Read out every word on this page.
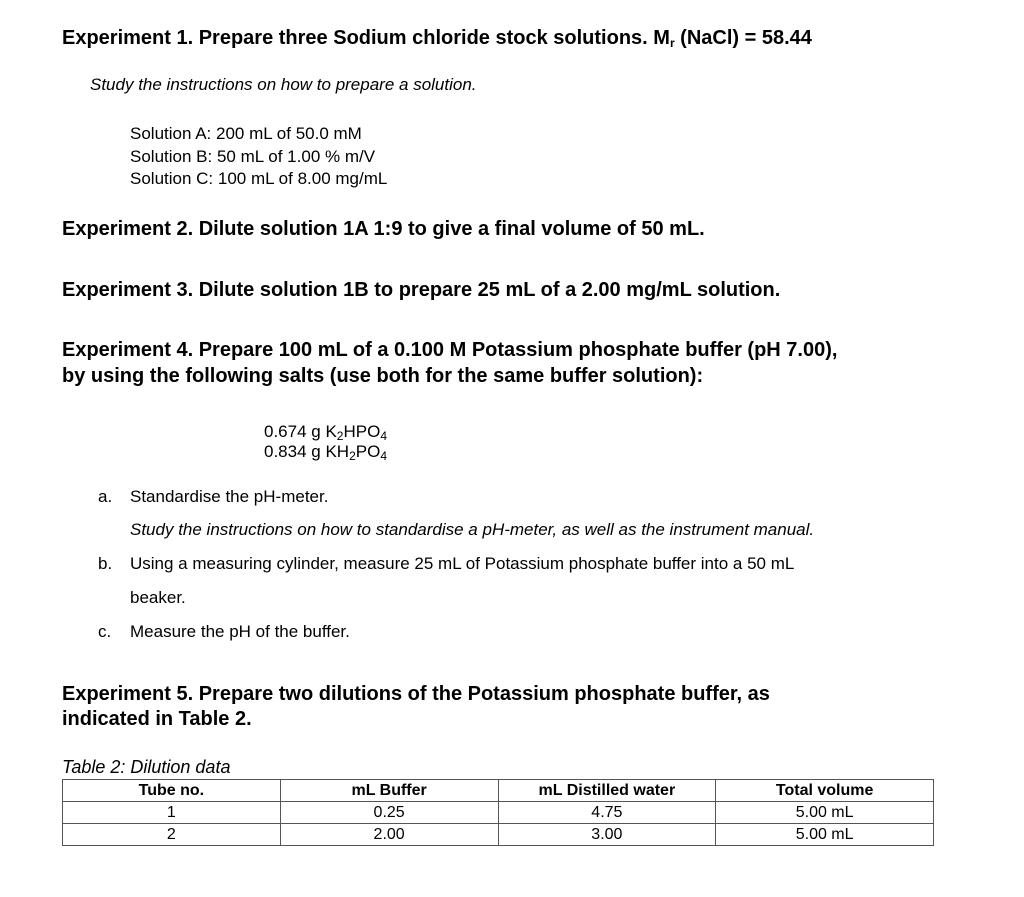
Experiment 1. Prepare three Sodium chloride stock solutions. $M_r$ (NaCl) = 58.44
Study the instructions on how to prepare a solution.
Solution A: 200 mL of 50.0 mM
Solution B: 50 mL of 1.00 % m/V
Solution C: 100 mL of 8.00 mg/mL
Experiment 2. Dilute solution 1A 1:9 to give a final volume of 50 mL.
Experiment 3. Dilute solution 1B to prepare 25 mL of a 2.00 mg/mL solution.
Experiment 4. Prepare 100 mL of a 0.100 M Potassium phosphate buffer (pH 7.00),
by using the following salts (use both for the same buffer solution):
0.674 g $K_2HPO_4$
0.834 g $KH_2PO_4$
a. Standardise the pH-meter.
Study the instructions on how to standardise a pH-meter, as well as the instrument manual.
b. Using a measuring cylinder, measure 25 mL of Potassium phosphate buffer into a 50 mL
beaker.
c. Measure the pH of the buffer.
Experiment 5. Prepare two dilutions of the Potassium phosphate buffer, as
indicated in Table 2.
Table 2: Dilution data
Tube no.	mL Buffer	mL Distilled water	Total volume
1	0.25	4.75	5.00 mL
2	2.00	3.00	5.00 mL
